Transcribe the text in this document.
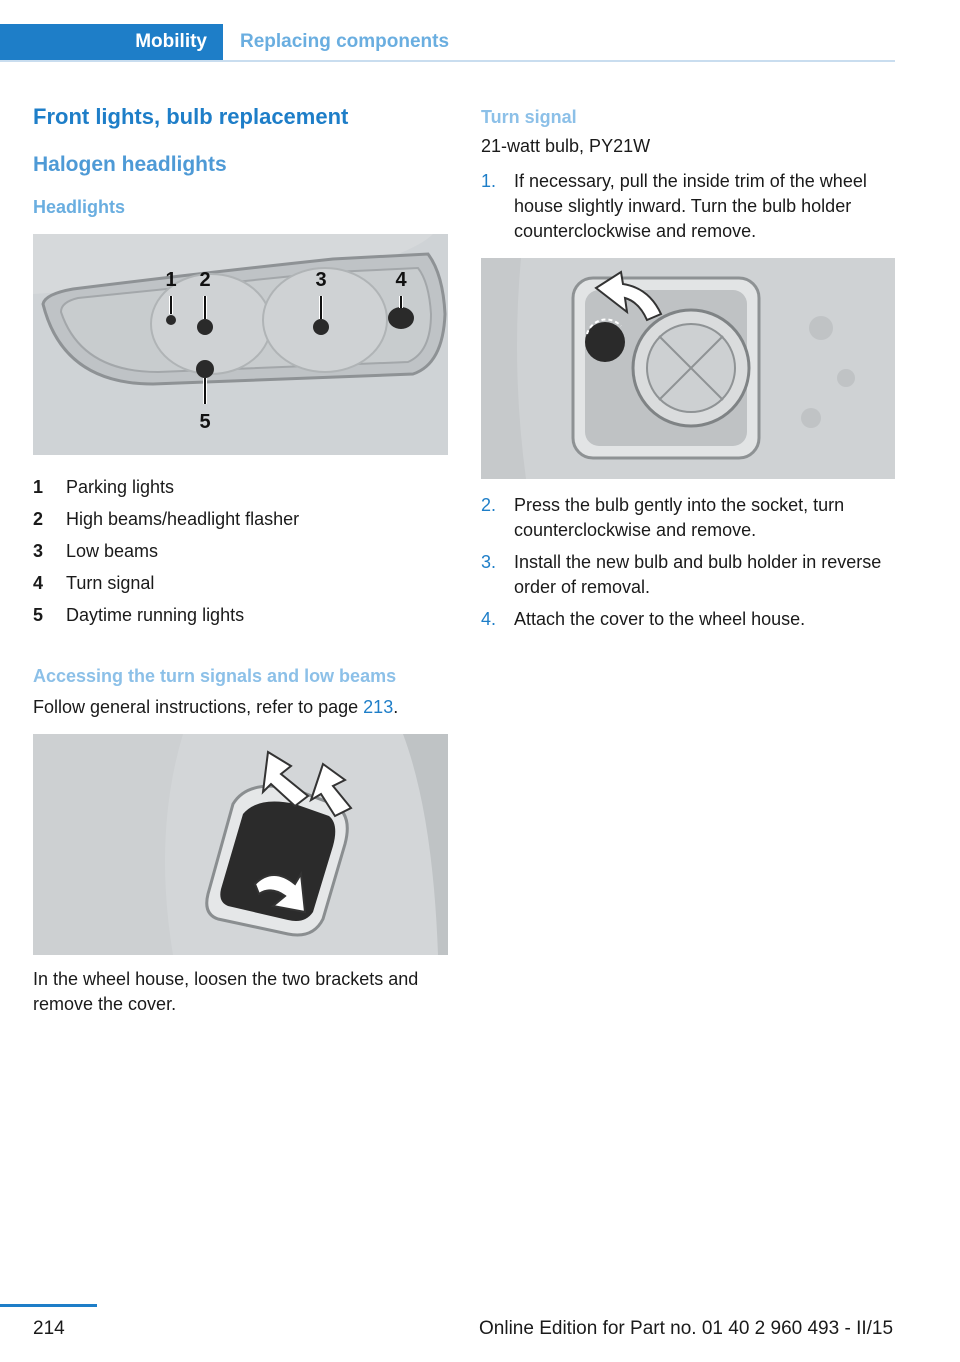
Mobility	Replacing components
Front lights, bulb replacement
Halogen headlights
Headlights
1 2	3	4
5
1	Parking lights
2	High beams/headlight flasher
3	Low beams
4	Turn signal
5	Daytime running lights
Accessing the turn signals and low beams

Follow general instructions, refer to page 213.

In the wheel house, loosen the two brackets and remove the cover.

Turn signal

21-watt bulb, PY21W

1. If necessary, pull the inside trim of the wheel house slightly inward. Turn the bulb holder counterclockwise and remove.
2. Press the bulb gently into the socket, turn counterclockwise and remove.
3. Install the new bulb and bulb holder in reverse order of removal.
4. Attach the cover to the wheel house.
214	Online Edition for Part no. 01 40 2 960 493 - II/15
